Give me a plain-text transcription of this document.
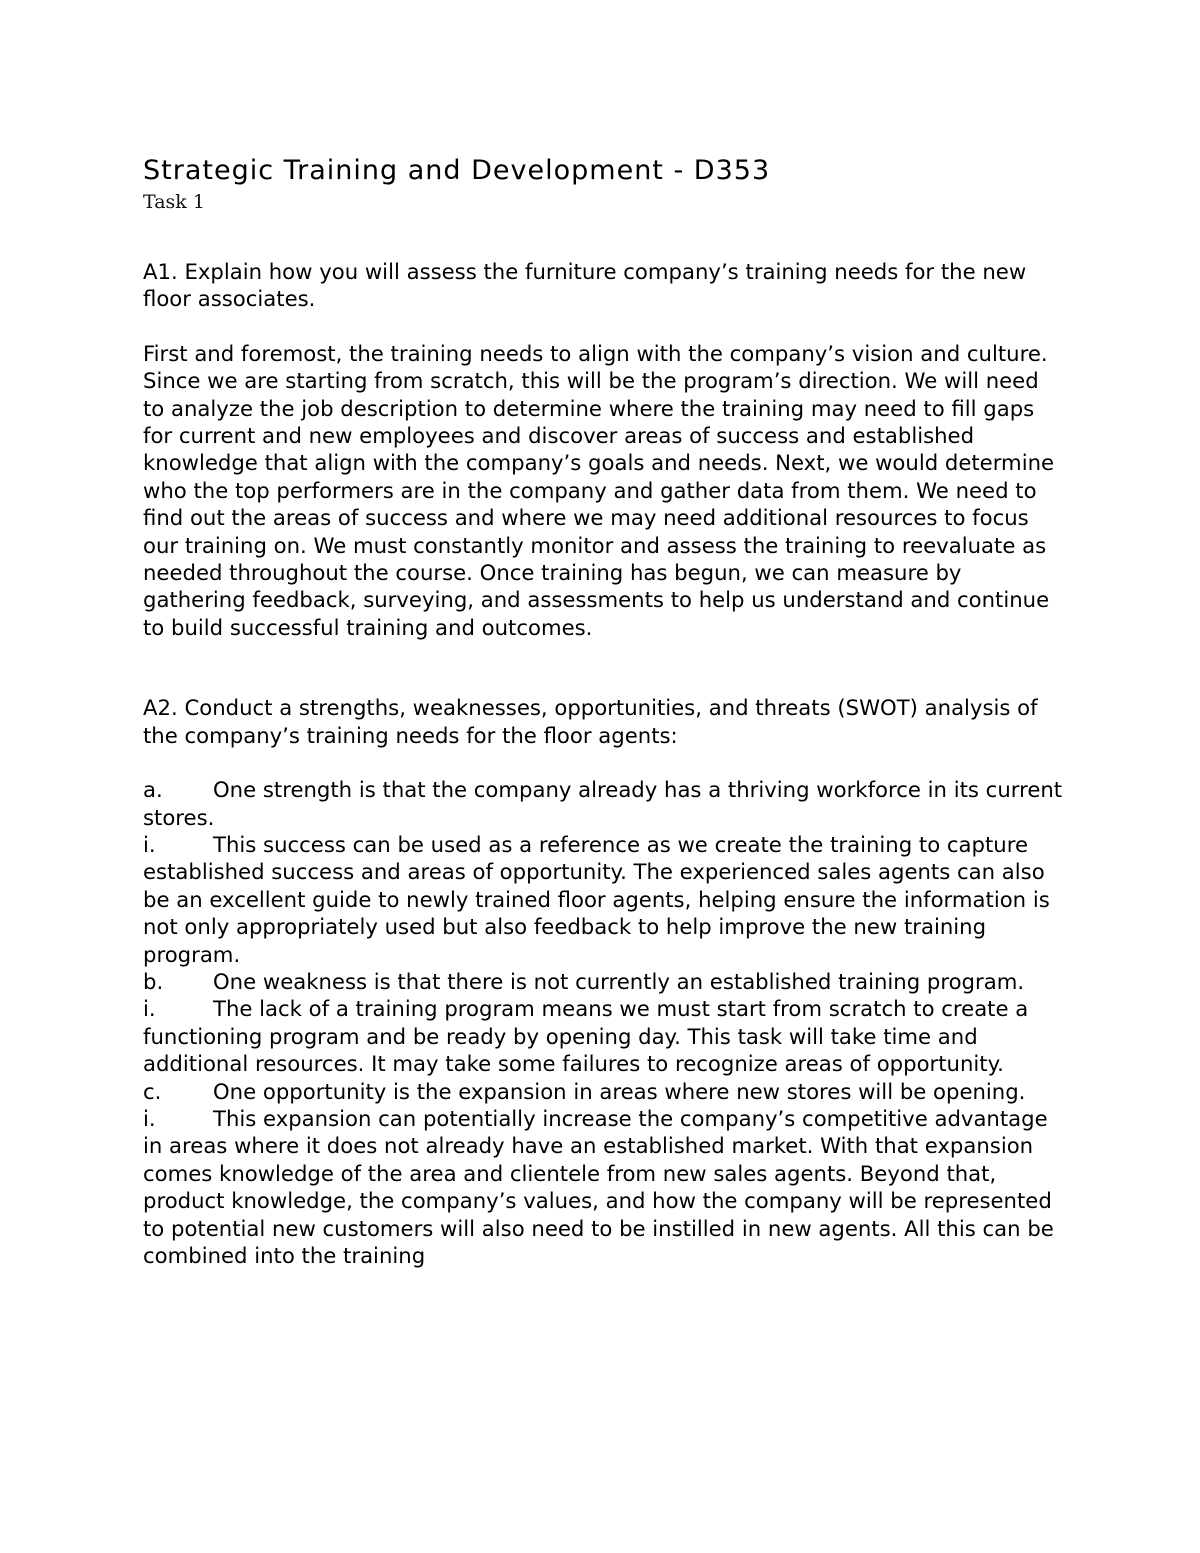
Strategic Training and Development - D353
Task 1

A1. Explain how you will assess the furniture company’s training needs for the new floor associates.

First and foremost, the training needs to align with the company’s vision and culture. Since we are starting from scratch, this will be the program’s direction. We will need to analyze the job description to determine where the training may need to fill gaps for current and new employees and discover areas of success and established knowledge that align with the company’s goals and needs. Next, we would determine who the top performers are in the company and gather data from them. We need to find out the areas of success and where we may need additional resources to focus our training on. We must constantly monitor and assess the training to reevaluate as needed throughout the course. Once training has begun, we can measure by gathering feedback, surveying, and assessments to help us understand and continue to build successful training and outcomes.

A2. Conduct a strengths, weaknesses, opportunities, and threats (SWOT) analysis of the company’s training needs for the floor agents:

a. One strength is that the company already has a thriving workforce in its current stores.

i.	This success can be used as a reference as we create the training to capture established success and areas of opportunity. The experienced sales agents can also be an excellent guide to newly trained floor agents, helping ensure the information is not only appropriately used but also feedback to help improve the new training program.

b. One weakness is that there is not currently an established training program.

i.	The lack of a training program means we must start from scratch to create a functioning program and be ready by opening day. This task will take time and additional resources. It may take some failures to recognize areas of opportunity.

c. One opportunity is the expansion in areas where new stores will be opening.

i.	This expansion can potentially increase the company’s competitive advantage in areas where it does not already have an established market. With that expansion comes knowledge of the area and clientele from new sales agents. Beyond that, product knowledge, the company’s values, and how the company will be represented to potential new customers will also need to be instilled in new agents. All this can be combined into the training
